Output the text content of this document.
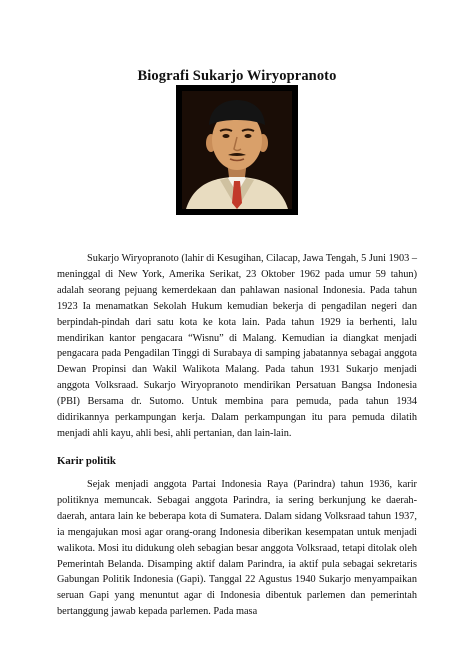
Biografi Sukarjo Wiryopranoto

Sukarjo Wiryopranoto (lahir di Kesugihan, Cilacap, Jawa Tengah, 5 Juni 1903 – meninggal di New York, Amerika Serikat, 23 Oktober 1962 pada umur 59 tahun) adalah seorang pejuang kemerdekaan dan pahlawan nasional Indonesia. Pada tahun 1923 Ia menamatkan Sekolah Hukum kemudian bekerja di pengadilan negeri dan berpindah-pindah dari satu kota ke kota lain. Pada tahun 1929 ia berhenti, lalu mendirikan kantor pengacara “Wisnu” di Malang. Kemudian ia diangkat menjadi pengacara pada Pengadilan Tinggi di Surabaya di samping jabatannya sebagai anggota Dewan Propinsi dan Wakil Walikota Malang. Pada tahun 1931 Sukarjo menjadi anggota Volksraad. Sukarjo Wiryopranoto mendirikan Persatuan Bangsa Indonesia (PBI) Bersama dr. Sutomo. Untuk membina para pemuda, pada tahun 1934 didirikannya perkampungan kerja. Dalam perkampungan itu para pemuda dilatih menjadi ahli kayu, ahli besi, ahli pertanian, dan lain-lain.

Karir politik

Sejak menjadi anggota Partai Indonesia Raya (Parindra) tahun 1936, karir politiknya memuncak. Sebagai anggota Parindra, ia sering berkunjung ke daerah-daerah, antara lain ke beberapa kota di Sumatera. Dalam sidang Volksraad tahun 1937, ia mengajukan mosi agar orang-orang Indonesia diberikan kesempatan untuk menjadi walikota. Mosi itu didukung oleh sebagian besar anggota Volksraad, tetapi ditolak oleh Pemerintah Belanda. Disamping aktif dalam Parindra, ia aktif pula sebagai sekretaris Gabungan Politik Indonesia (Gapi). Tanggal 22 Agustus 1940 Sukarjo menyampaikan seruan Gapi yang menuntut agar di Indonesia dibentuk parlemen dan pemerintah bertanggung jawab kepada parlemen. Pada masa
